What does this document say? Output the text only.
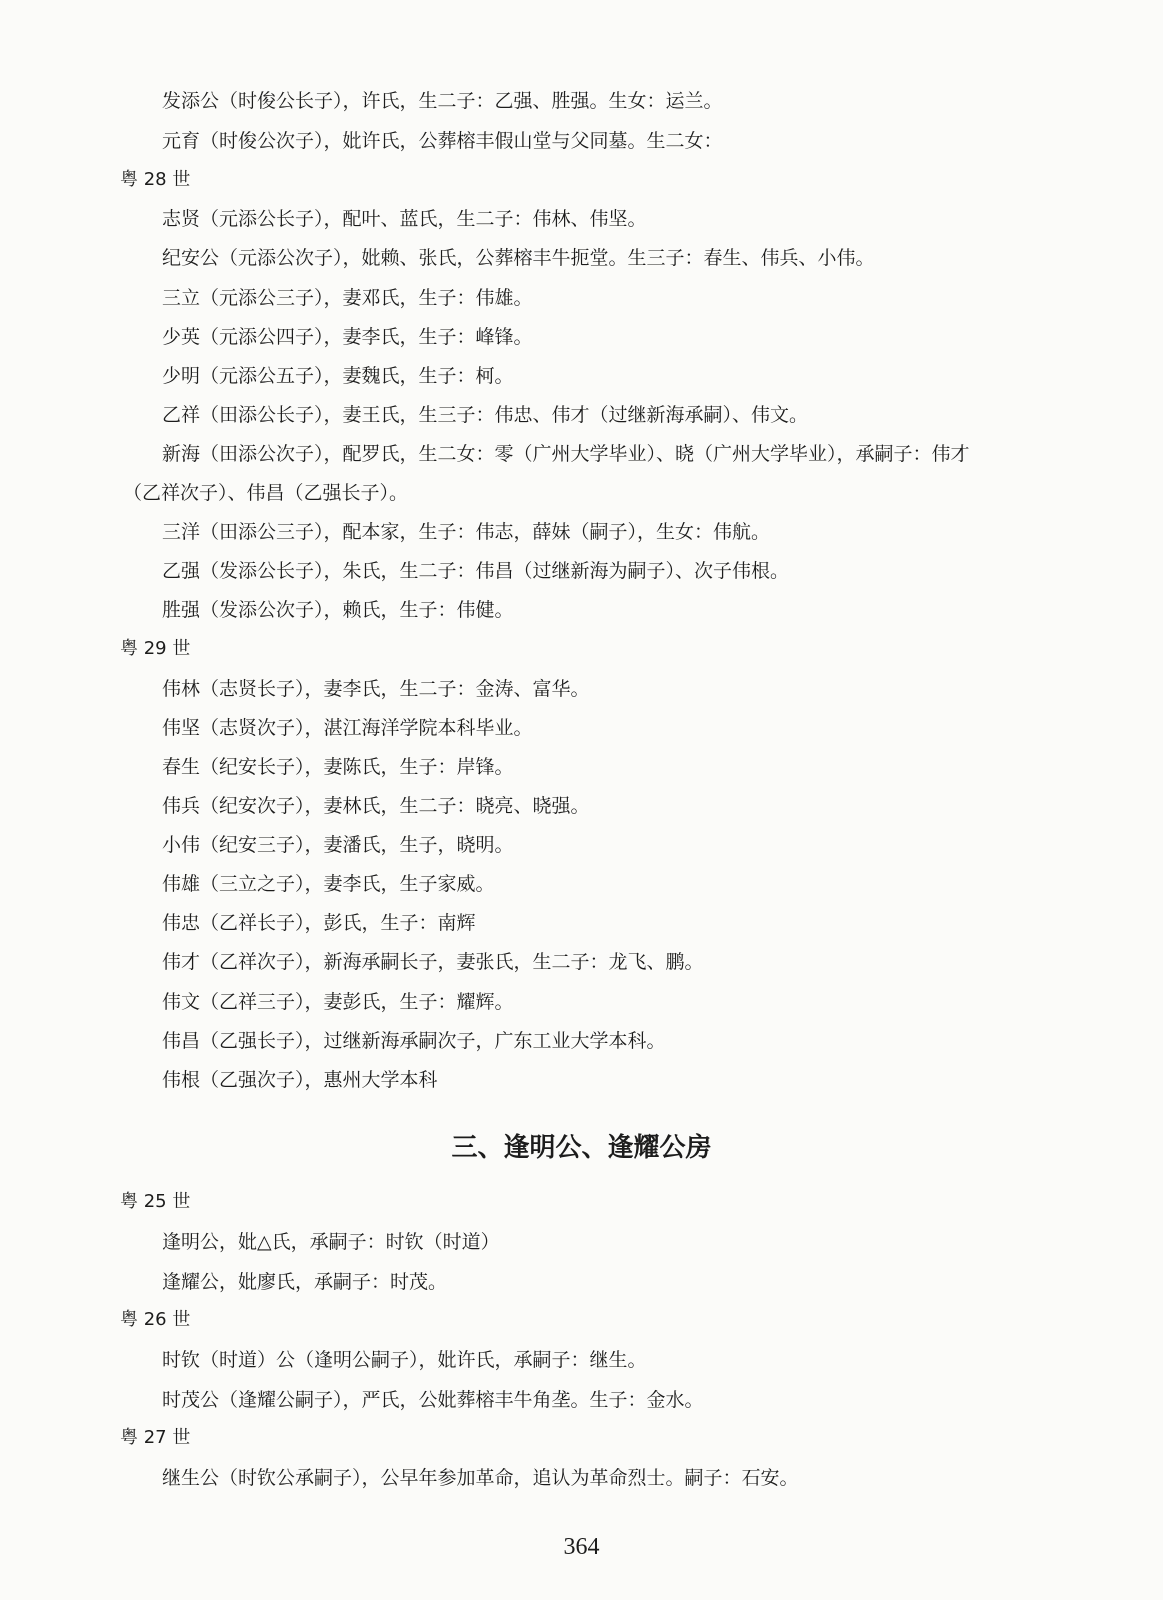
发添公（时俊公长子），许氏，生二子：乙强、胜强。生女：运兰。
元育（时俊公次子），妣许氏，公葬榕丰假山堂与父同墓。生二女：
粤 28 世
志贤（元添公长子），配叶、蓝氏，生二子：伟林、伟坚。
纪安公（元添公次子），妣赖、张氏，公葬榕丰牛扼堂。生三子：春生、伟兵、小伟。
三立（元添公三子），妻邓氏，生子：伟雄。
少英（元添公四子），妻李氏，生子：峰锋。
少明（元添公五子），妻魏氏，生子：柯。
乙祥（田添公长子），妻王氏，生三子：伟忠、伟才（过继新海承嗣）、伟文。
新海（田添公次子），配罗氏，生二女：零（广州大学毕业）、晓（广州大学毕业），承嗣子：伟才
（乙祥次子）、伟昌（乙强长子）。
三洋（田添公三子），配本家，生子：伟志，薛妹（嗣子），生女：伟航。
乙强（发添公长子），朱氏，生二子：伟昌（过继新海为嗣子）、次子伟根。
胜强（发添公次子），赖氏，生子：伟健。
粤 29 世
伟林（志贤长子），妻李氏，生二子：金涛、富华。
伟坚（志贤次子），湛江海洋学院本科毕业。
春生（纪安长子），妻陈氏，生子：岸锋。
伟兵（纪安次子），妻林氏，生二子：晓亮、晓强。
小伟（纪安三子），妻潘氏，生子，晓明。
伟雄（三立之子），妻李氏，生子家威。
伟忠（乙祥长子），彭氏，生子：南辉
伟才（乙祥次子），新海承嗣长子，妻张氏，生二子：龙飞、鹏。
伟文（乙祥三子），妻彭氏，生子：耀辉。
伟昌（乙强长子），过继新海承嗣次子，广东工业大学本科。
伟根（乙强次子），惠州大学本科
三、逢明公、逢耀公房
粤 25 世
逢明公，妣△氏，承嗣子：时钦（时道）
逢耀公，妣廖氏，承嗣子：时茂。
粤 26 世
时钦（时道）公（逢明公嗣子），妣许氏，承嗣子：继生。
时茂公（逢耀公嗣子），严氏，公妣葬榕丰牛角垄。生子：金水。
粤 27 世
继生公（时钦公承嗣子），公早年参加革命，追认为革命烈士。嗣子：石安。
364
